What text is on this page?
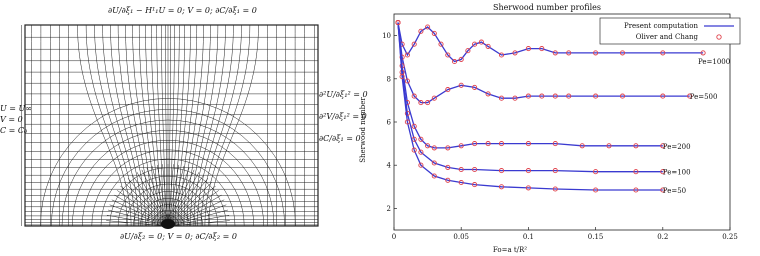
∂U/∂ξ₁ − H¹₁U = 0; V = 0; ∂C/∂ξ₁ = 0
U = U∞
V = 0
C = C₀
∂²U/∂ξ₁² = 0
∂²V/∂ξ₁² = 0
∂C/∂ξ₁ = 0
∂U/∂ξ₂ = 0; V = 0; ∂C/∂ξ₂ = 0
Sherwood number profiles
Sherwood number
Fo=a t/R²
0	0.05	0.1	0.15	0.2	0.25
2
4
6
8
10
Pe=1000
Pe=500
Pe=200
Pe=100
Pe=50
Present computation
Oliver and Chang
